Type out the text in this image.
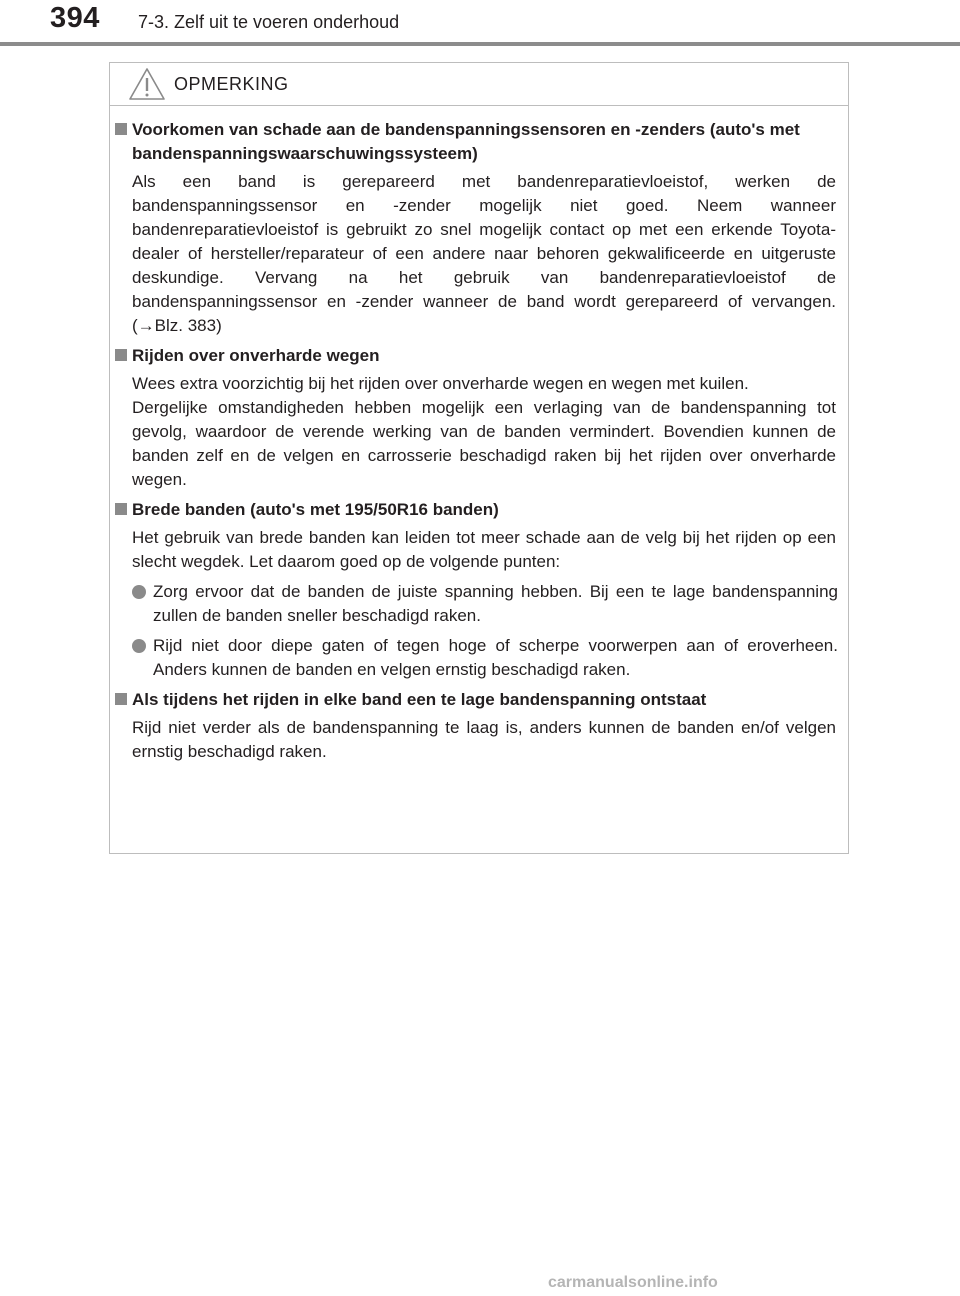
394 7-3. Zelf uit te voeren onderhoud
OPMERKING
Voorkomen van schade aan de bandenspanningssensoren en -zenders (auto's met bandenspanningswaarschuwingssysteem)
Als een band is gerepareerd met bandenreparatievloeistof, werken de bandenspanningssensor en -zender mogelijk niet goed. Neem wanneer bandenreparatievloeistof is gebruikt zo snel mogelijk contact op met een erkende Toyota-dealer of hersteller/reparateur of een andere naar behoren gekwalificeerde en uitgeruste deskundige. Vervang na het gebruik van bandenreparatievloeistof de bandenspanningssensor en -zender wanneer de band wordt gerepareerd of vervangen. (→Blz. 383)
Rijden over onverharde wegen
Wees extra voorzichtig bij het rijden over onverharde wegen en wegen met kuilen.
Dergelijke omstandigheden hebben mogelijk een verlaging van de bandenspanning tot gevolg, waardoor de verende werking van de banden vermindert. Bovendien kunnen de banden zelf en de velgen en carrosserie beschadigd raken bij het rijden over onverharde wegen.
Brede banden (auto's met 195/50R16 banden)
Het gebruik van brede banden kan leiden tot meer schade aan de velg bij het rijden op een slecht wegdek. Let daarom goed op de volgende punten:
Zorg ervoor dat de banden de juiste spanning hebben. Bij een te lage bandenspanning zullen de banden sneller beschadigd raken.
Rijd niet door diepe gaten of tegen hoge of scherpe voorwerpen aan of eroverheen. Anders kunnen de banden en velgen ernstig beschadigd raken.
Als tijdens het rijden in elke band een te lage bandenspanning ontstaat
Rijd niet verder als de bandenspanning te laag is, anders kunnen de banden en/of velgen ernstig beschadigd raken.
carmanualsonline.info
